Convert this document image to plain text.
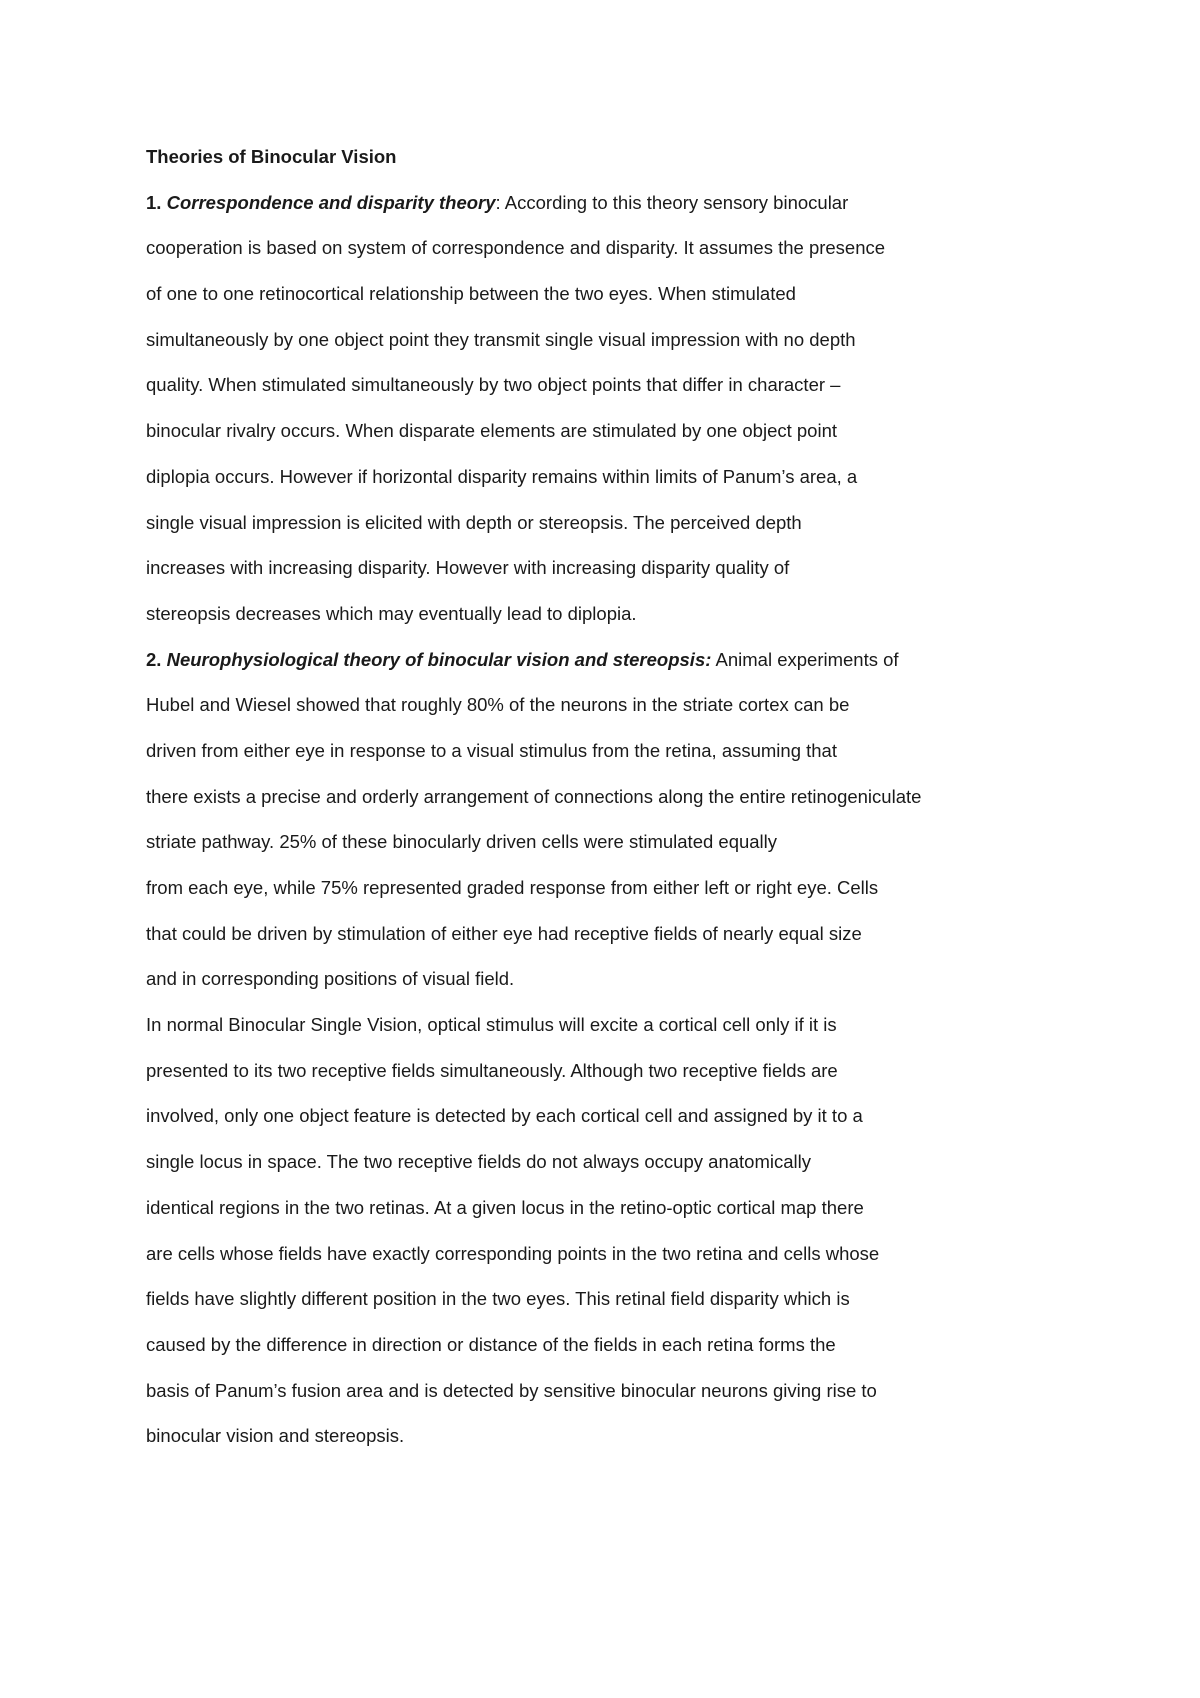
Theories of Binocular Vision
1. Correspondence and disparity theory: According to this theory sensory binocular
cooperation is based on system of correspondence and disparity. It assumes the presence
of one to one retinocortical relationship between the two eyes. When stimulated
simultaneously by one object point they transmit single visual impression with no depth
quality. When stimulated simultaneously by two object points that differ in character –
binocular rivalry occurs. When disparate elements are stimulated by one object point
diplopia occurs. However if horizontal disparity remains within limits of Panum’s area, a
single visual impression is elicited with depth or stereopsis. The perceived depth
increases with increasing disparity. However with increasing disparity quality of
stereopsis decreases which may eventually lead to diplopia.
2. Neurophysiological theory of binocular vision and stereopsis: Animal experiments of
Hubel and Wiesel showed that roughly 80% of the neurons in the striate cortex can be
driven from either eye in response to a visual stimulus from the retina, assuming that
there exists a precise and orderly arrangement of connections along the entire retinogeniculate
striate pathway. 25% of these binocularly driven cells were stimulated equally
from each eye, while 75% represented graded response from either left or right eye. Cells
that could be driven by stimulation of either eye had receptive fields of nearly equal size
and in corresponding positions of visual field.
In normal Binocular Single Vision, optical stimulus will excite a cortical cell only if it is
presented to its two receptive fields simultaneously. Although two receptive fields are
involved, only one object feature is detected by each cortical cell and assigned by it to a
single locus in space. The two receptive fields do not always occupy anatomically
identical regions in the two retinas. At a given locus in the retino-optic cortical map there
are cells whose fields have exactly corresponding points in the two retina and cells whose
fields have slightly different position in the two eyes. This retinal field disparity which is
caused by the difference in direction or distance of the fields in each retina forms the
basis of Panum’s fusion area and is detected by sensitive binocular neurons giving rise to
binocular vision and stereopsis.
